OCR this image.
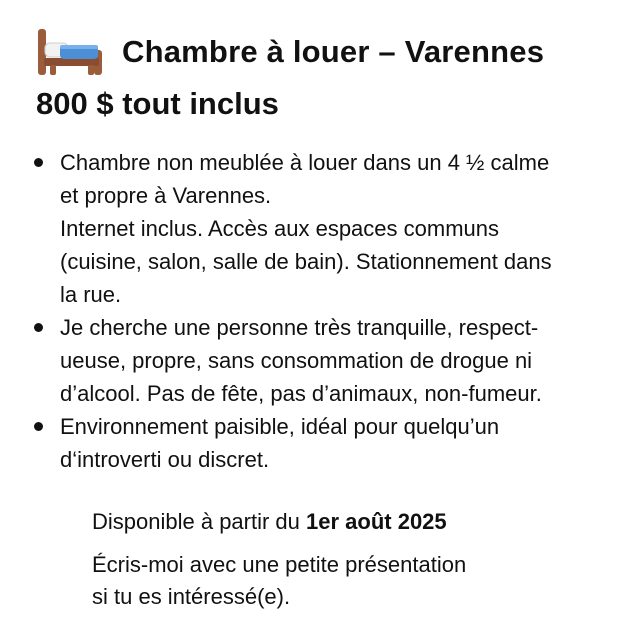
Chambre à louer – Varennes
800 $ tout inclus
Chambre non meublée à louer dans un 4 ½ calme
et propre à Varennes.
Internet inclus. Accès aux espaces communs
(cuisine, salon, salle de bain). Stationnement dans
la rue.
Je cherche une personne très tranquille, respect-
ueuse, propre, sans consommation de drogue ni
d’alcool. Pas de fête, pas d’animaux, non-fumeur.
Environnement paisible, idéal pour quelqu’un
d‘introverti ou discret.
Disponible à partir du 1er août 2025
Écris-moi avec une petite présentation
si tu es intéressé(e).
